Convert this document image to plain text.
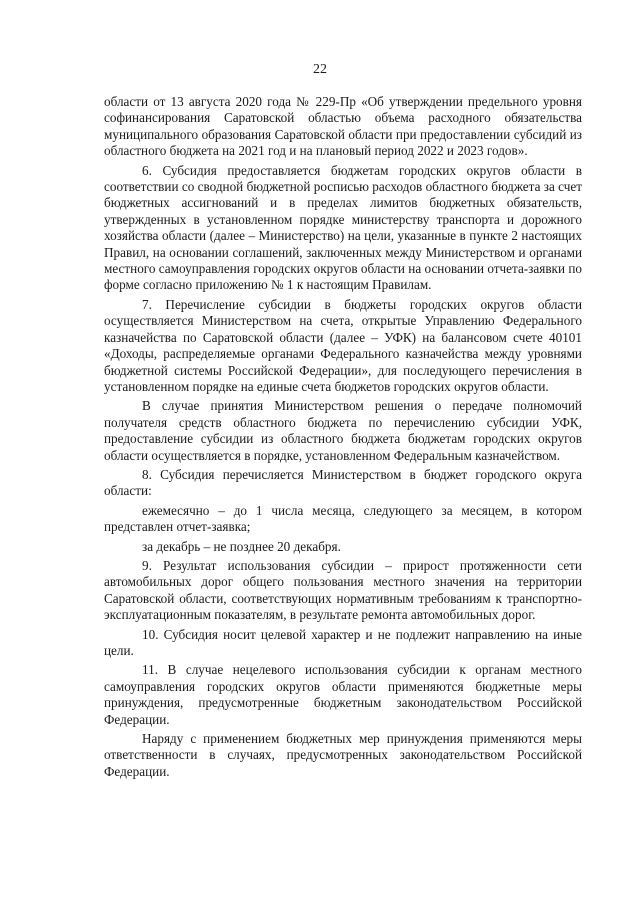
22

области от 13 августа 2020 года № 229-Пр «Об утверждении предельного уровня софинансирования Саратовской областью объема расходного обязательства муниципального образования Саратовской области при предоставлении субсидий из областного бюджета на 2021 год и на плановый период 2022 и 2023 годов».

6. Субсидия предоставляется бюджетам городских округов области в соответствии со сводной бюджетной росписью расходов областного бюджета за счет бюджетных ассигнований и в пределах лимитов бюджетных обязательств, утвержденных в установленном порядке министерству транспорта и дорожного хозяйства области (далее – Министерство) на цели, указанные в пункте 2 настоящих Правил, на основании соглашений, заключенных между Министерством и органами местного самоуправления городских округов области на основании отчета-заявки по форме согласно приложению № 1 к настоящим Правилам.

7. Перечисление субсидии в бюджеты городских округов области осуществляется Министерством на счета, открытые Управлению Федерального казначейства по Саратовской области (далее – УФК) на балансовом счете 40101 «Доходы, распределяемые органами Федерального казначейства между уровнями бюджетной системы Российской Федерации», для последующего перечисления в установленном порядке на единые счета бюджетов городских округов области.

В случае принятия Министерством решения о передаче полномочий получателя средств областного бюджета по перечислению субсидии УФК, предоставление субсидии из областного бюджета бюджетам городских округов области осуществляется в порядке, установленном Федеральным казначейством.

8. Субсидия перечисляется Министерством в бюджет городского округа области:

ежемесячно – до 1 числа месяца, следующего за месяцем, в котором представлен отчет-заявка;

за декабрь – не позднее 20 декабря.

9. Результат использования субсидии – прирост протяженности сети автомобильных дорог общего пользования местного значения на территории Саратовской области, соответствующих нормативным требованиям к транспортно-эксплуатационным показателям, в результате ремонта автомобильных дорог.

10. Субсидия носит целевой характер и не подлежит направлению на иные цели.

11. В случае нецелевого использования субсидии к органам местного самоуправления городских округов области применяются бюджетные меры принуждения, предусмотренные бюджетным законодательством Российской Федерации.

Наряду с применением бюджетных мер принуждения применяются меры ответственности в случаях, предусмотренных законодательством Российской Федерации.
